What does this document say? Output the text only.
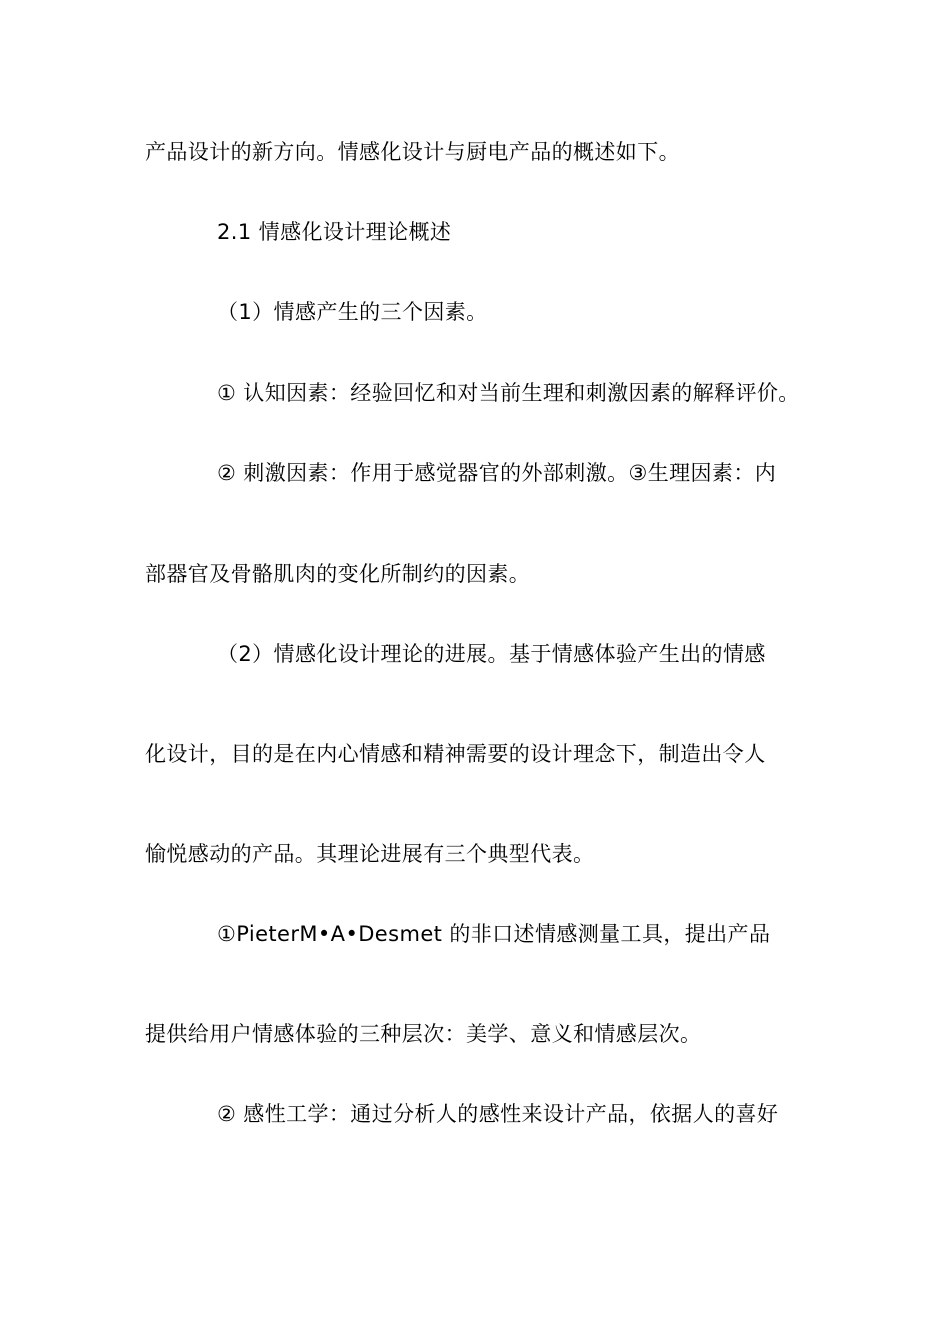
产品设计的新方向。情感化设计与厨电产品的概述如下。
2.1 情感化设计理论概述
（1）情感产生的三个因素。
① 认知因素：经验回忆和对当前生理和刺激因素的解释评价。
② 刺激因素：作用于感觉器官的外部刺激。③生理因素：内
部器官及骨骼肌肉的变化所制约的因素。
（2）情感化设计理论的进展。基于情感体验产生出的情感
化设计，目的是在内心情感和精神需要的设计理念下，制造出令人
愉悦感动的产品。其理论进展有三个典型代表。
①PieterM•A•Desmet 的非口述情感测量工具，提出产品
提供给用户情感体验的三种层次：美学、意义和情感层次。
② 感性工学：通过分析人的感性来设计产品，依据人的喜好
